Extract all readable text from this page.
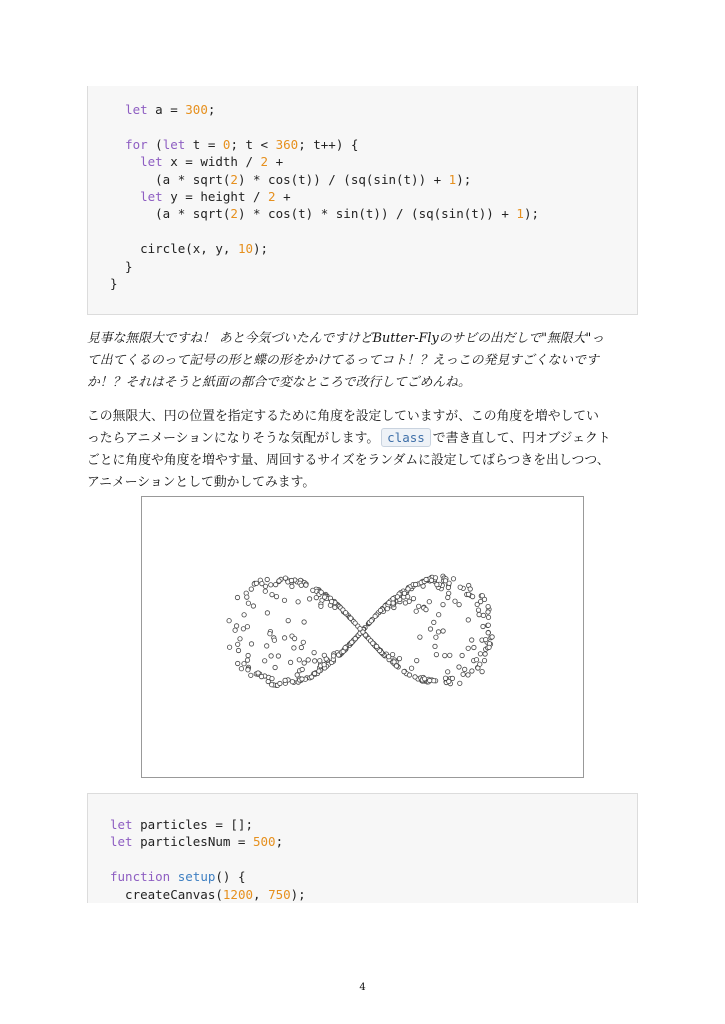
let a = 300;
for (let t = 0; t < 360; t++) {
let x = width / 2 +
(a * sqrt(2) * cos(t)) / (sq(sin(t)) + 1);
let y = height / 2 +
(a * sqrt(2) * cos(t) * sin(t)) / (sq(sin(t)) + 1);
circle(x, y, 10);
}
}

見事な無限大ですね！ あと今気づいたんですけどButter-Flyのサビの出だしで"無限大"っ

て出てくるのって記号の形と蝶の形をかけてるってコト！？えっこの発見すごくないです

か！？それはそうと紙面の都合で変なところで改行してごめんね。

この無限大、円の位置を指定するために角度を設定していますが、この角度を増やしてい

ったらアニメーションになりそうな気配がします。 class で書き直して、円オブジェクト

ごとに角度や角度を増やす量、周回するサイズをランダムに設定してばらつきを出しつつ、

アニメーションとして動かしてみます。

let particles = [];
let particlesNum = 500;
function setup() {
createCanvas(1200, 750);
4
